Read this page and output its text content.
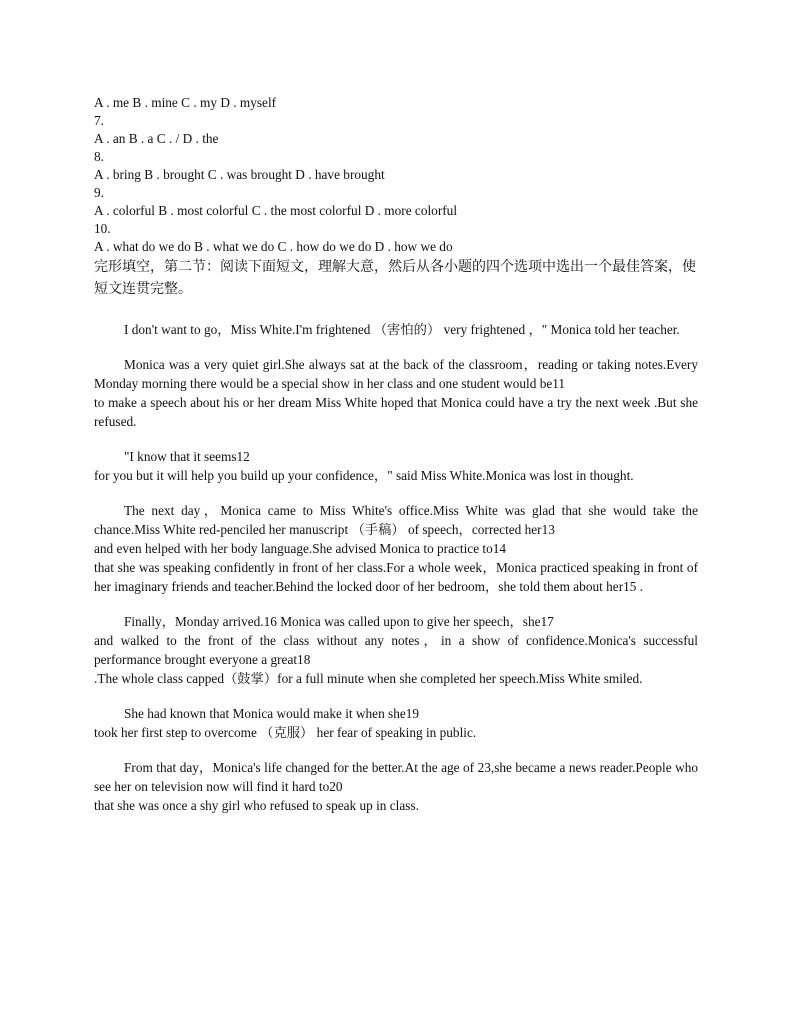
A . me B . mine C . my D . myself
7.
A . an B . a C . / D . the
8.
A . bring B . brought C . was brought D . have brought
9.
A . colorful B . most colorful C . the most colorful D . more colorful
10.
A . what do we do B . what we do C . how do we do D . how we do
完形填空，第二节：阅读下面短文，理解大意，然后从各小题的四个选项中选出一个最佳答案，使短文连贯完整。

I don't want to go，Miss White.I'm frightened （害怕的） very frightened ，" Monica told her teacher.

Monica was a very quiet girl.She always sat at the back of the classroom，reading or taking notes.Every Monday morning there would be a special show in her class and one student would be11

to make a speech about his or her dream Miss White hoped that Monica could have a try the next week .But she refused.

"I know that it seems12

for you but it will help you build up your confidence，" said Miss White.Monica was lost in thought.

The next day，Monica came to Miss White's office.Miss White was glad that she would take the chance.Miss White red-penciled her manuscript （手稿） of speech，corrected her13

and even helped with her body language.She advised Monica to practice to14

that she was speaking confidently in front of her class.For a whole week，Monica practiced speaking in front of her imaginary friends and teacher.Behind the locked door of her bedroom，she told them about her15 .

Finally，Monday arrived.16 Monica was called upon to give her speech，she17

and walked to the front of the class without any notes，in a show of confidence.Monica's successful performance brought everyone a great18

.The whole class capped（鼓掌）for a full minute when she completed her speech.Miss White smiled.

She had known that Monica would make it when she19

took her first step to overcome （克服） her fear of speaking in public.

From that day，Monica's life changed for the better.At the age of 23,she became a news reader.People who see her on television now will find it hard to20

that she was once a shy girl who refused to speak up in class.
